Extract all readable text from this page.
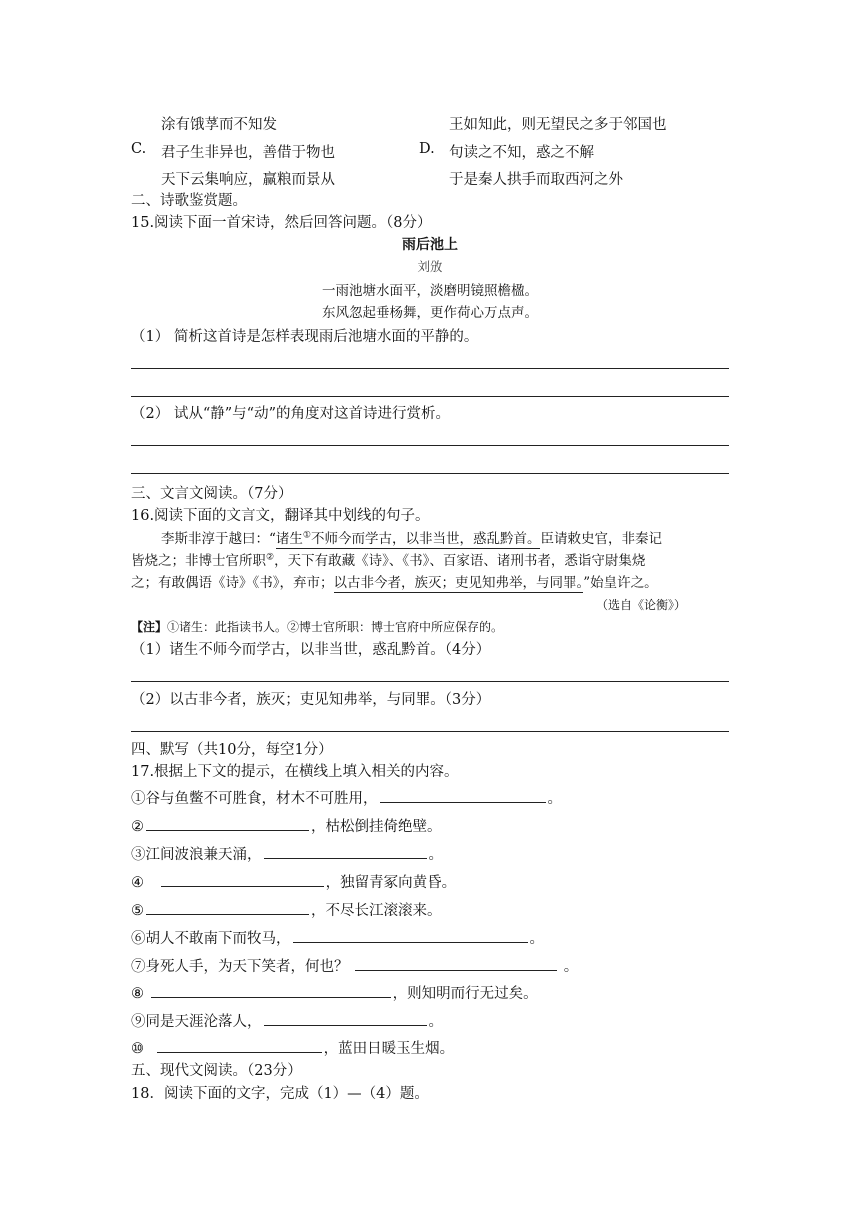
涂有饿莩而不知发	王如知此，则无望民之多于邻国也
C. 君子生非异也，善借于物也	D. 句读之不知，惑之不解
天下云集响应，赢粮而景从	于是秦人拱手而取西河之外
二、诗歌鉴赏题。
15.阅读下面一首宋诗，然后回答问题。（8分）
雨后池上
刘攽
一雨池塘水面平，淡磨明镜照檐楹。
东风忽起垂杨舞，更作荷心万点声。
（1） 简析这首诗是怎样表现雨后池塘水面的平静的。
（2） 试从“静”与“动”的角度对这首诗进行赏析。
三、文言文阅读。（7分）
16.阅读下面的文言文，翻译其中划线的句子。
李斯非淳于越曰：“诸生①不师今而学古，以非当世，惑乱黔首。臣请敕史官，非秦记
皆烧之；非博士官所职②，天下有敢藏《诗》、《书》、百家语、诸刑书者，悉诣守尉集烧
之；有敢偶语《诗》《书》，弃市；以古非今者，族灭；吏见知弗举，与同罪。”始皇许之。
（选自《论衡》）
【注】①诸生：此指读书人。②博士官所职：博士官府中所应保存的。
（1）诸生不师今而学古，以非当世，惑乱黔首。（4分）
（2）以古非今者，族灭；吏见知弗举，与同罪。（3分）
四、默写（共10分，每空1分）
17.根据上下文的提示，在横线上填入相关的内容。
①谷与鱼鳖不可胜食，材木不可胜用，	。
②	，枯松倒挂倚绝壁。
③江间波浪兼天涌，	。
④	，独留青冢向黄昏。
⑤	，不尽长江滚滚来。
⑥胡人不敢南下而牧马，	。
⑦身死人手，为天下笑者，何也？	。
⑧	，则知明而行无过矣。
⑨同是天涯沦落人，	。
⑩	，蓝田日暖玉生烟。
五、现代文阅读。（23分）
18．阅读下面的文字，完成（1）—（4）题。
